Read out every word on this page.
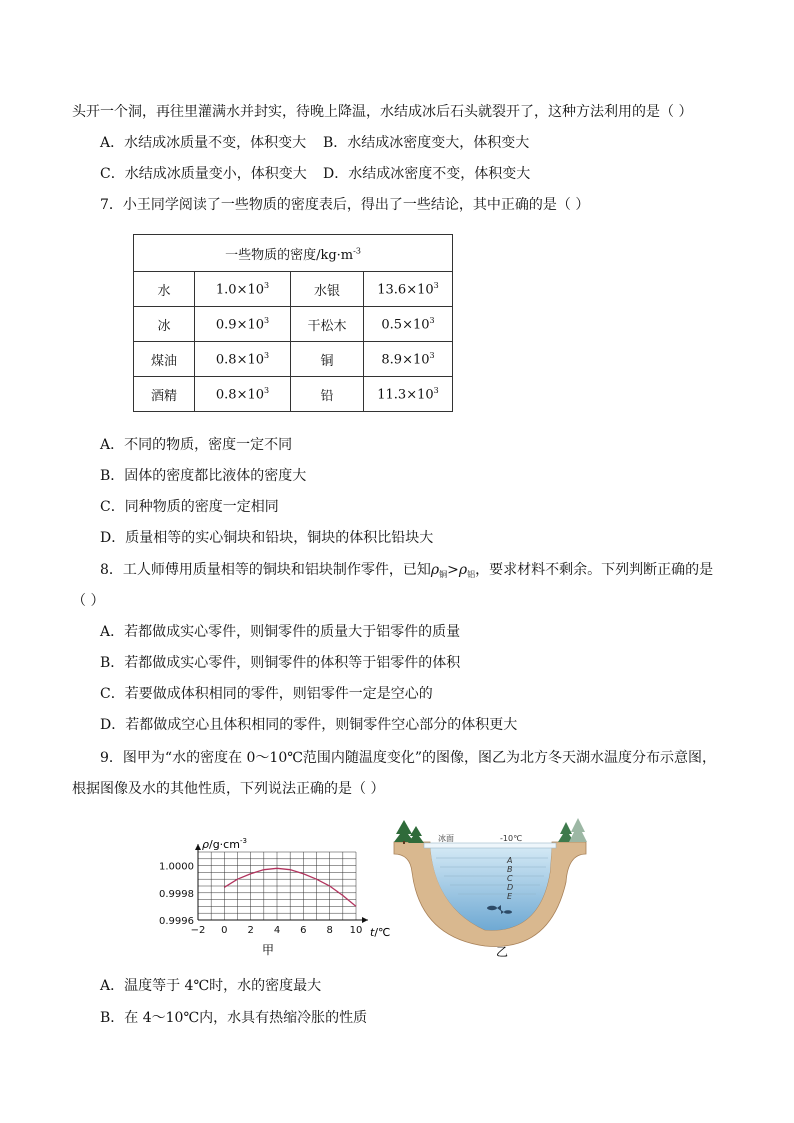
头开一个洞，再往里灌满水并封实，待晚上降温，水结成冰后石头就裂开了，这种方法利用的是（ ）
A．水结成冰质量不变，体积变大 B．水结成冰密度变大，体积变大
C．水结成冰质量变小，体积变大 D．水结成冰密度不变，体积变大
7．小王同学阅读了一些物质的密度表后，得出了一些结论，其中正确的是（ ）
一些物质的密度$/kg\cdot m^{-3}$
水	$1.0\times 10^3$	水银	$13.6\times 10^3$
冰	$0.9\times 10^3$	干松木	$0.5\times 10^3$
煤油	$0.8\times 10^3$	铜	$8.9\times 10^3$
酒精	$0.8\times 10^3$	铅	$11.3\times 10^3$
A．不同的物质，密度一定不同
B．固体的密度都比液体的密度大
C．同种物质的密度一定相同
D．质量相等的实心铜块和铅块，铜块的体积比铅块大
8．工人师傅用质量相等的铜块和铝块制作零件，已知$\rho_铜>\rho_铝$，要求材料不剩余。下列判断正确的是
（ ）
A．若都做成实心零件，则铜零件的质量大于铝零件的质量
B．若都做成实心零件，则铜零件的体积等于铝零件的体积
C．若要做成体积相同的零件，则铝零件一定是空心的
D．若都做成空心且体积相同的零件，则铜零件空心部分的体积更大
9．图甲为“水的密度在 0～10℃范围内随温度变化”的图像，图乙为北方冬天湖水温度分布示意图，
根据图像及水的其他性质，下列说法正确的是（ ）
1.0000
0.9998
0.9996
−2 0 2 4 6 8 10
$\rho/g\cdot cm^{-3}$
t/℃
甲
A
B
C
D
E
冰面	-10℃
乙
A．温度等于 4℃时，水的密度最大
B．在 4～10℃内，水具有热缩冷胀的性质
